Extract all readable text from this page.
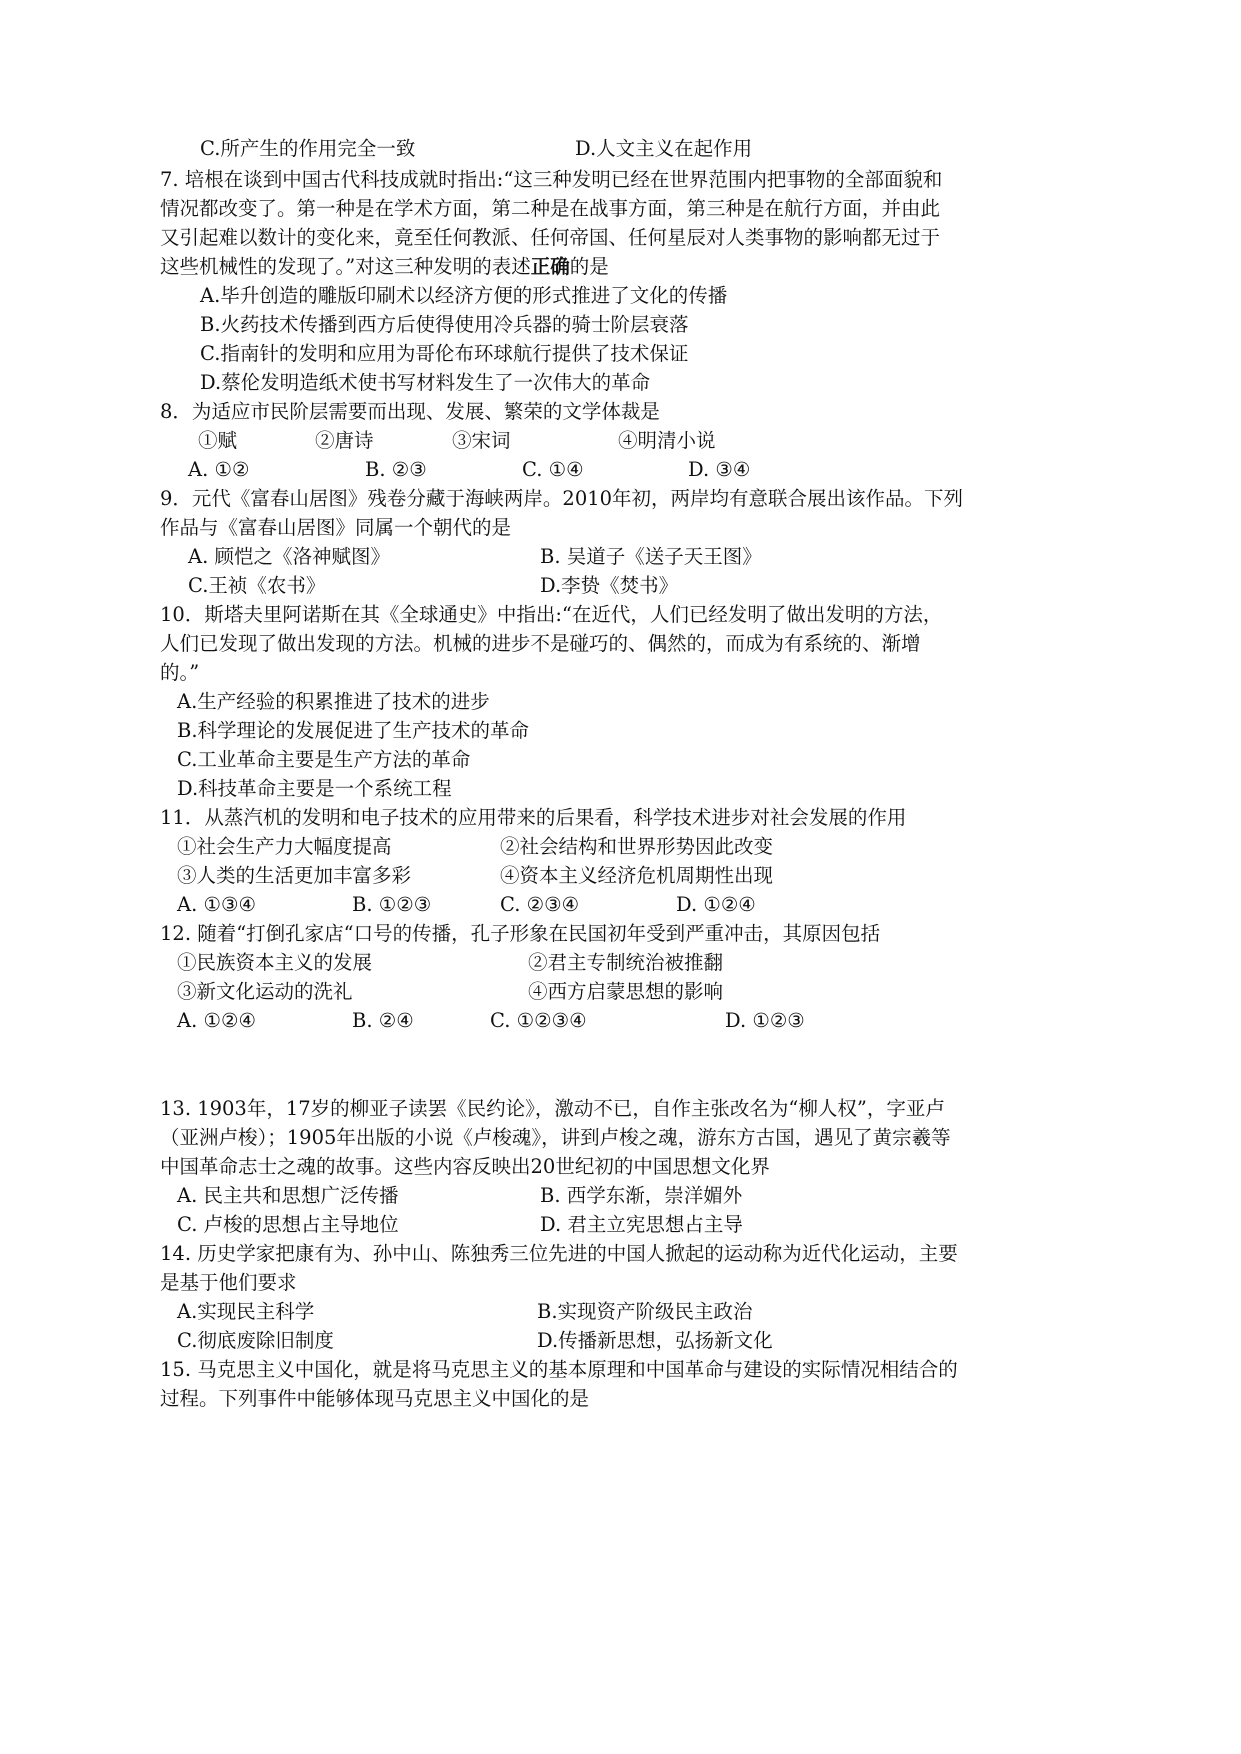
C.所产生的作用完全一致	D.人文主义在起作用
7. 培根在谈到中国古代科技成就时指出:“这三种发明已经在世界范围内把事物的全部面貌和
情况都改变了。第一种是在学术方面，第二种是在战事方面，第三种是在航行方面，并由此
又引起难以数计的变化来，竟至任何教派、任何帝国、任何星辰对人类事物的影响都无过于
这些机械性的发现了。”对这三种发明的表述正确的是
A.毕升创造的雕版印刷术以经济方便的形式推进了文化的传播
B.火药技术传播到西方后使得使用冷兵器的骑士阶层衰落
C.指南针的发明和应用为哥伦布环球航行提供了技术保证
D.蔡伦发明造纸术使书写材料发生了一次伟大的革命
8．为适应市民阶层需要而出现、发展、繁荣的文学体裁是
①赋	②唐诗	③宋词	④明清小说
A. ①②	B. ②③	C. ①④	D. ③④
9．元代《富春山居图》残卷分藏于海峡两岸。2010年初，两岸均有意联合展出该作品。下列
作品与《富春山居图》同属一个朝代的是
A. 顾恺之《洛神赋图》	B. 吴道子《送子天王图》
C.王祯《农书》	D.李贽《焚书》
10．斯塔夫里阿诺斯在其《全球通史》中指出:“在近代，人们已经发明了做出发明的方法，
人们已发现了做出发现的方法。机械的进步不是碰巧的、偶然的，而成为有系统的、渐增
的。”
A.生产经验的积累推进了技术的进步
B.科学理论的发展促进了生产技术的革命
C.工业革命主要是生产方法的革命
D.科技革命主要是一个系统工程
11．从蒸汽机的发明和电子技术的应用带来的后果看，科学技术进步对社会发展的作用
①社会生产力大幅度提高	②社会结构和世界形势因此改变
③人类的生活更加丰富多彩	④资本主义经济危机周期性出现
A. ①③④	B. ①②③	C. ②③④	D. ①②④
12. 随着“打倒孔家店“口号的传播，孔子形象在民国初年受到严重冲击，其原因包括
①民族资本主义的发展	②君主专制统治被推翻
③新文化运动的洗礼	④西方启蒙思想的影响
A. ①②④	B. ②④	C. ①②③④	D. ①②③
13. 1903年，17岁的柳亚子读罢《民约论》，激动不已，自作主张改名为“柳人权”，字亚卢
（亚洲卢梭）；1905年出版的小说《卢梭魂》，讲到卢梭之魂，游东方古国，遇见了黄宗羲等
中国革命志士之魂的故事。这些内容反映出20世纪初的中国思想文化界
A. 民主共和思想广泛传播	B. 西学东渐，崇洋媚外
C. 卢梭的思想占主导地位	D. 君主立宪思想占主导
14. 历史学家把康有为、孙中山、陈独秀三位先进的中国人掀起的运动称为近代化运动，主要
是基于他们要求
A.实现民主科学	B.实现资产阶级民主政治
C.彻底废除旧制度	D.传播新思想，弘扬新文化
15. 马克思主义中国化，就是将马克思主义的基本原理和中国革命与建设的实际情况相结合的
过程。下列事件中能够体现马克思主义中国化的是
